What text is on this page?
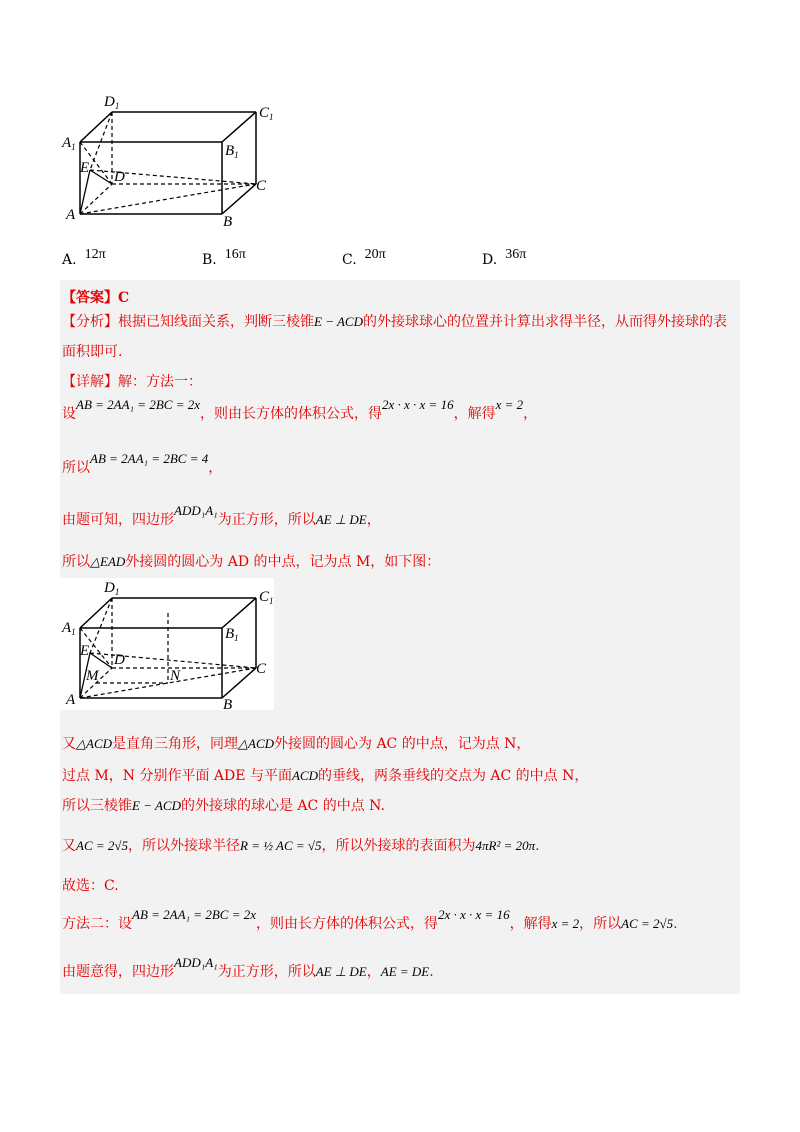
$D_1$	$C_1$
$A_1$	$B_1$
E
D
C
A	B
A. 12π	B. 16π	C. 20π	D. 36π
【答案】C
【分析】根据已知线面关系，判断三棱锥E − ACD的外接球球心的位置并计算出求得半径，从而得外接球的表
面积即可.
【详解】解：方法一：
设AB = 2AA₁ = 2BC = 2x，则由长方体的体积公式，得2x · x · x = 16，解得x = 2，
所以AB = 2AA₁ = 2BC = 4，
由题可知，四边形ADD₁A₁为正方形，所以AE ⊥ DE，
所以△EAD外接圆的圆心为 AD 的中点，记为点 M，如下图：
又△ACD是直角三角形，同理△ACD外接圆的圆心为 AC 的中点，记为点 N，
过点 M，N 分别作平面 ADE 与平面ACD的垂线，两条垂线的交点为 AC 的中点 N，
所以三棱锥E − ACD的外接球的球心是 AC 的中点 N.
又AC = 2√5，所以外接球半径R = ½ AC = √5，所以外接球的表面积为4πR² = 20π.
故选：C.
方法二：设AB = 2AA₁ = 2BC = 2x，则由长方体的体积公式，得2x · x · x = 16，解得x = 2，所以AC = 2√5.
由题意得，四边形ADD₁A₁为正方形，所以AE ⊥ DE，AE = DE.
$D_1$	$C_1$
$A_1$	$B_1$
E
D
M	N	C
A	B
